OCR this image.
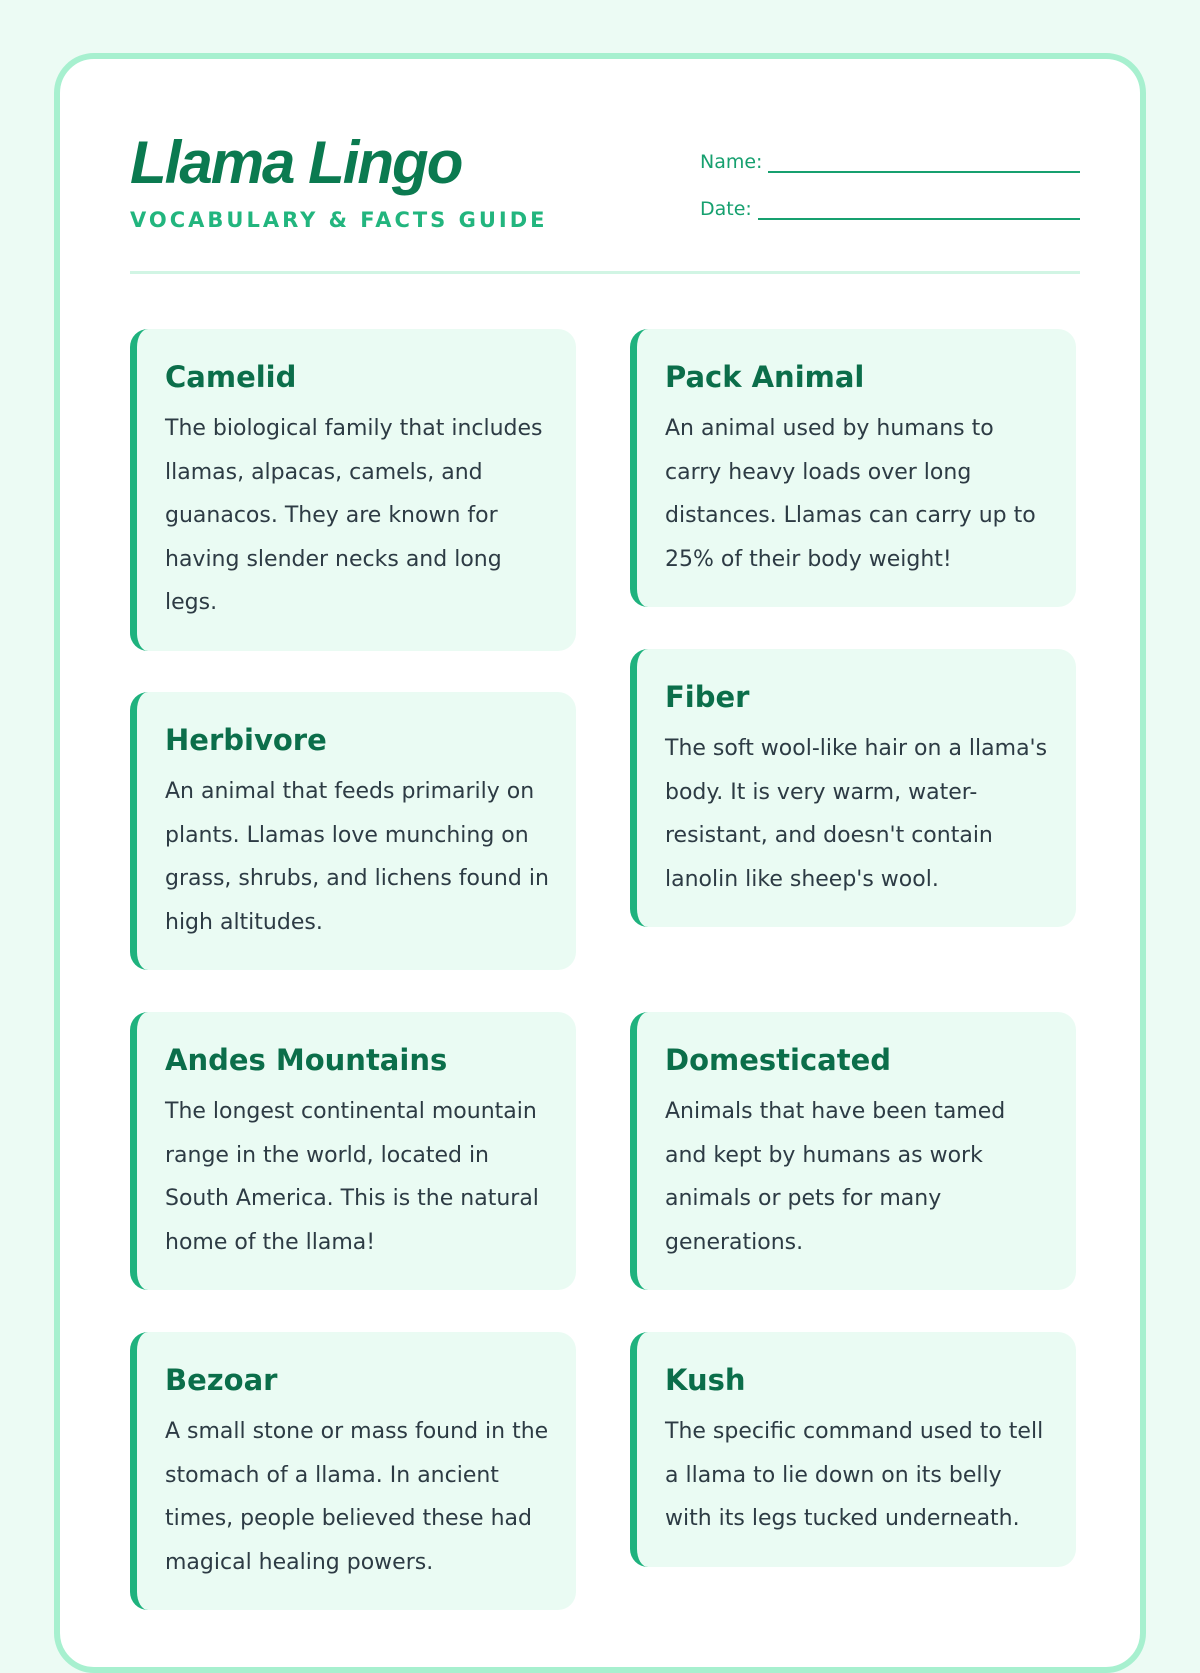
Llama Lingo
VOCABULARY & FACTS GUIDE
Name:
Date:
Camelid

The biological family that includes llamas, alpacas, camels, and guanacos. They are known for having slender necks and long legs.

Pack Animal

An animal used by humans to carry heavy loads over long distances. Llamas can carry up to 25% of their body weight!

Herbivore

An animal that feeds primarily on plants. Llamas love munching on grass, shrubs, and lichens found in high altitudes.

Fiber

The soft wool-like hair on a llama's body. It is very warm, water-resistant, and doesn't contain lanolin like sheep's wool.

Andes Mountains

The longest continental mountain range in the world, located in South America. This is the natural home of the llama!

Domesticated

Animals that have been tamed and kept by humans as work animals or pets for many generations.

Bezoar

A small stone or mass found in the stomach of a llama. In ancient times, people believed these had magical healing powers.

Kush

The specific command used to tell a llama to lie down on its belly with its legs tucked underneath.
